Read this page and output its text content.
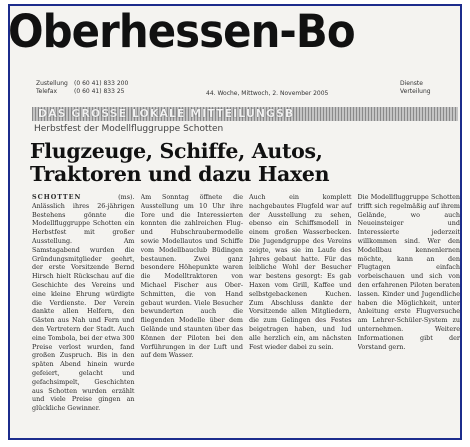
Oberhessen-Bo
Zustellung (0 60 41) 833 200
Telefax	(0 60 41) 833 25	44. Woche, Mittwoch, 2. November 2005
Dienste
Verteilung
DAS GROSSE LOKALE MITTEILUNGSB
Herbstfest der Modellfluggruppe Schotten
Flugzeuge, Schiffe, Autos,
Traktoren und dazu Haxen
SCHOTTEN	(ms). Anlässlich ihres 26-jährigen Bestehens gönnte die Modellfluggruppe Schotten ein Herbstfest mit großer Ausstellung. Am Samstagabend wurden die Gründungsmitglieder geehrt, der erste Vorsitzende Bernd Hirsch hielt Rückschau auf die Geschichte des Vereins und eine kleine Ehrung würdigte die Verdienste. Der Verein dankte allen Helfern, den Gästen aus Nah und Fern und den Vertretern der Stadt. Auch eine Tombola, bei der etwa 300 Preise verlost wurden, fand großen Zuspruch. Bis in den späten Abend hinein wurde gefeiert, gelacht und gefachsimpelt, Geschichten aus Schotten wurden erzählt und viele Preise gingen an glückliche Gewinner.
Am Sonntag öffnete die Ausstellung um 10 Uhr ihre Tore und die Interessierten konnten die zahlreichen Flug- und Hubschraubermodelle sowie Modellautos und Schiffe vom Modellbauclub Büdingen bestaunen. Zwei ganz besondere Höhepunkte waren die Modelltraktoren von Michael Fischer aus Ober-Schmitten, die von Hand gebaut wurden. Viele Besucher bewunderten auch die fliegenden Modelle über dem Gelände und staunten über das Können der Piloten bei den Vorführungen in der Luft und auf dem Wasser.
Auch ein komplett nachgebautes Flugfeld war auf der Ausstellung zu sehen, ebenso ein Schiffsmodell in einem großen Wasserbecken. Die Jugendgruppe des Vereins zeigte, was sie im Laufe des Jahres gebaut hatte. Für das leibliche Wohl der Besucher war bestens gesorgt: Es gab Haxen vom Grill, Kaffee und selbstgebackenen Kuchen. Zum Abschluss dankte der Vorsitzende allen Mitgliedern, die zum Gelingen des Festes beigetragen haben, und lud alle herzlich ein, am nächsten Fest wieder dabei zu sein.
Die Modellfluggruppe Schotten trifft sich regelmäßig auf ihrem Gelände, wo auch Neueinsteiger und Interessierte jederzeit willkommen sind. Wer den Modellbau kennenlernen möchte, kann an den Flugtagen einfach vorbeischauen und sich von den erfahrenen Piloten beraten lassen. Kinder und Jugendliche haben die Möglichkeit, unter Anleitung erste Flugversuche am Lehrer-Schüler-System zu unternehmen. Weitere Informationen gibt der Vorstand gern.
